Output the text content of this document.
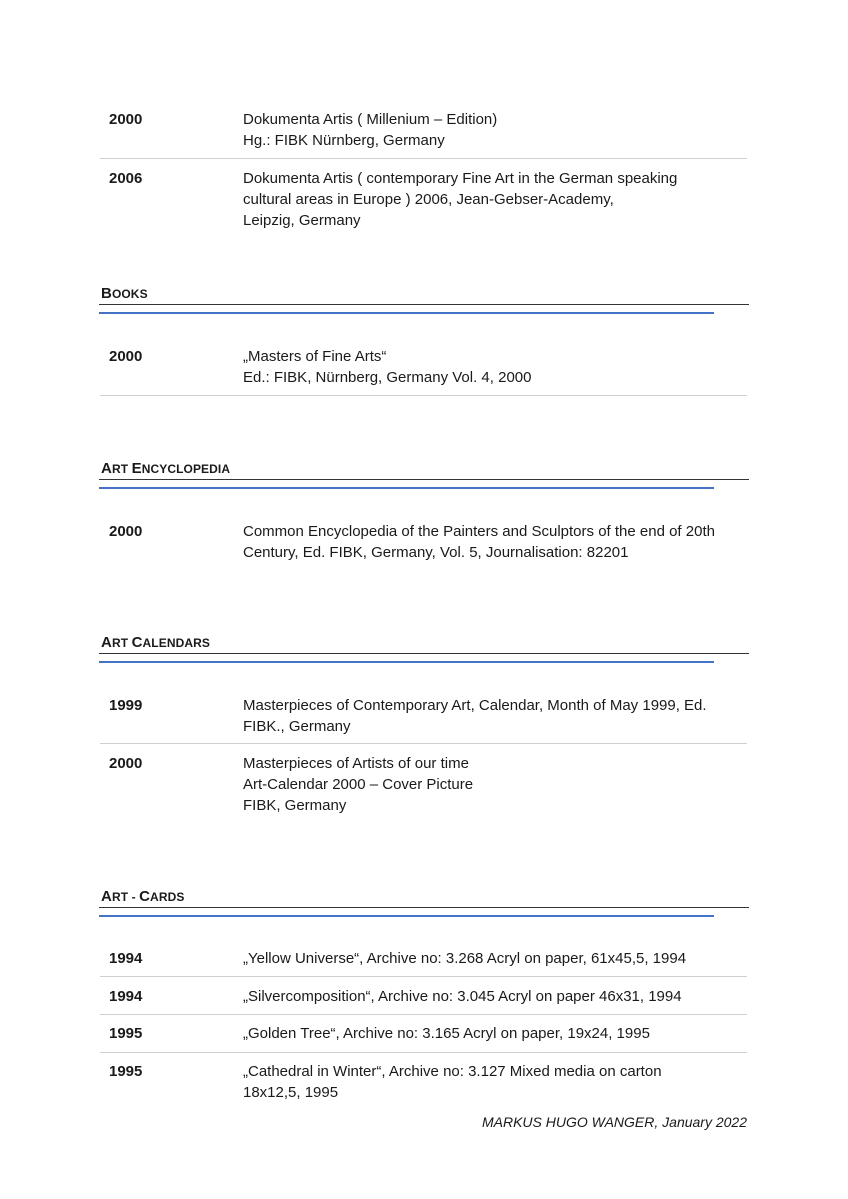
2000	Dokumenta Artis ( Millenium – Edition)
Hg.: FIBK Nürnberg, Germany
2006	Dokumenta Artis ( contemporary Fine Art in the German speaking
cultural areas in Europe ) 2006, Jean-Gebser-Academy,
Leipzig, Germany
BOOKS
2000	„Masters of Fine Arts“
Ed.: FIBK, Nürnberg, Germany Vol. 4, 2000
ART ENCYCLOPEDIA
2000	Common Encyclopedia of the Painters and Sculptors of the end of 20th
Century, Ed. FIBK, Germany, Vol. 5, Journalisation: 82201
ART CALENDARS
1999	Masterpieces of Contemporary Art, Calendar, Month of May 1999, Ed.
FIBK., Germany
2000	Masterpieces of Artists of our time
Art-Calendar 2000 – Cover Picture
FIBK, Germany
ART - CARDS
1994	„Yellow Universe“, Archive no: 3.268 Acryl on paper, 61x45,5, 1994
1994	„Silvercomposition“, Archive no: 3.045 Acryl on paper 46x31, 1994
1995	„Golden Tree“, Archive no: 3.165 Acryl on paper, 19x24, 1995
1995	„Cathedral in Winter“, Archive no: 3.127 Mixed media on carton
18x12,5, 1995
MARKUS HUGO WANGER, January 2022
